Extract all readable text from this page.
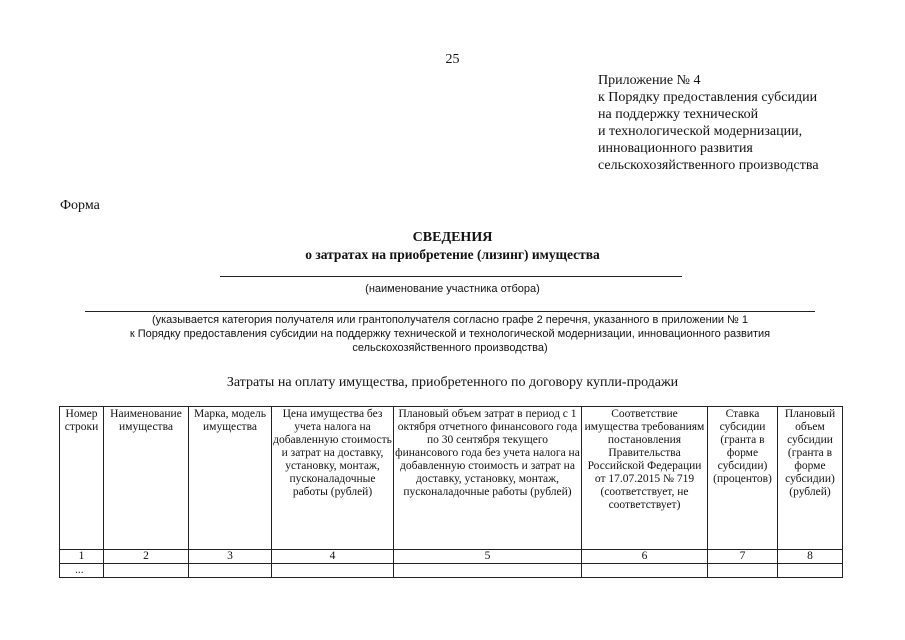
25
Приложение № 4
к Порядку предоставления субсидии
на поддержку технической
и технологической модернизации,
инновационного развития
сельскохозяйственного производства
Форма
СВЕДЕНИЯ
о затратах на приобретение (лизинг) имущества
(наименование участника отбора)
(указывается категория получателя или грантополучателя согласно графе 2 перечня, указанного в приложении № 1
к Порядку предоставления субсидии на поддержку технической и технологической модернизации, инновационного развития
сельскохозяйственного производства)
Затраты на оплату имущества, приобретенного по договору купли-продажи
Номер строки	Наименование имущества	Марка, модель имущества	Цена имущества без учета налога на добавленную стоимость и затрат на доставку, установку, монтаж, пусконаладочные работы (рублей)	Плановый объем затрат в период с 1 октября отчетного финансового года по 30 сентября текущего финансового года без учета налога на добавленную стоимость и затрат на доставку, установку, монтаж, пусконаладочные работы (рублей)	Соответствие имущества требованиям постановления Правительства Российской Федерации от 17.07.2015 № 719 (соответствует, не соответствует)	Ставка субсидии (гранта в форме субсидии) (процентов)	Плановый объем субсидии (гранта в форме субсидии) (рублей)
1	2	3	4	5	6	7	8
...							
